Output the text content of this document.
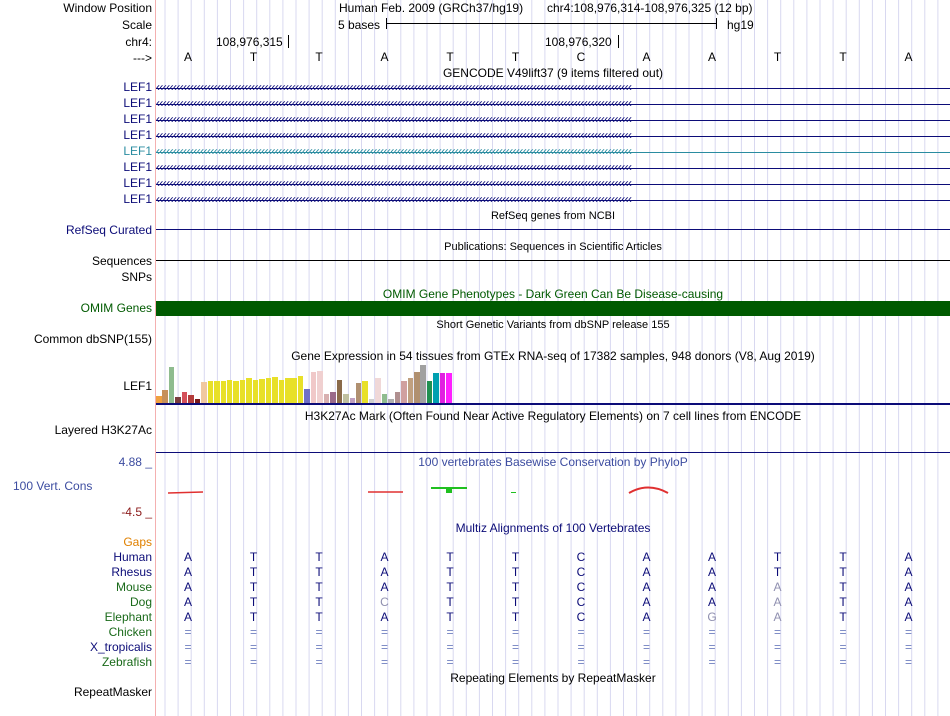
Window Position
Scale
chr4:
--->
Human Feb. 2009 (GRCh37/hg19) chr4:108,976,314-108,976,325 (12 bp)
5 bases	hg19
108,976,315	108,976,320
A	T	T	A	T	T	C	A	A	T	T	A
GENCODE V49lift37 (9 items filtered out)
LEF1 ‹‹‹‹‹‹‹‹‹‹‹‹‹‹‹‹‹‹‹‹‹‹‹‹‹‹‹‹‹‹‹‹‹‹‹‹‹‹‹‹‹‹‹‹‹‹‹‹‹‹‹‹‹‹‹‹‹‹‹‹‹‹‹‹‹‹‹‹‹‹‹‹‹‹‹‹‹‹‹‹‹‹‹‹‹‹‹‹‹‹‹‹‹‹‹‹‹‹‹‹‹‹‹‹‹‹‹‹‹‹‹‹‹‹‹‹‹‹‹‹‹‹‹‹‹‹‹‹‹‹‹‹‹‹‹‹‹‹‹‹
LEF1 ‹‹‹‹‹‹‹‹‹‹‹‹‹‹‹‹‹‹‹‹‹‹‹‹‹‹‹‹‹‹‹‹‹‹‹‹‹‹‹‹‹‹‹‹‹‹‹‹‹‹‹‹‹‹‹‹‹‹‹‹‹‹‹‹‹‹‹‹‹‹‹‹‹‹‹‹‹‹‹‹‹‹‹‹‹‹‹‹‹‹‹‹‹‹‹‹‹‹‹‹‹‹‹‹‹‹‹‹‹‹‹‹‹‹‹‹‹‹‹‹‹‹‹‹‹‹‹‹‹‹‹‹‹‹‹‹‹‹‹‹
LEF1 ‹‹‹‹‹‹‹‹‹‹‹‹‹‹‹‹‹‹‹‹‹‹‹‹‹‹‹‹‹‹‹‹‹‹‹‹‹‹‹‹‹‹‹‹‹‹‹‹‹‹‹‹‹‹‹‹‹‹‹‹‹‹‹‹‹‹‹‹‹‹‹‹‹‹‹‹‹‹‹‹‹‹‹‹‹‹‹‹‹‹‹‹‹‹‹‹‹‹‹‹‹‹‹‹‹‹‹‹‹‹‹‹‹‹‹‹‹‹‹‹‹‹‹‹‹‹‹‹‹‹‹‹‹‹‹‹‹‹‹‹
LEF1 ‹‹‹‹‹‹‹‹‹‹‹‹‹‹‹‹‹‹‹‹‹‹‹‹‹‹‹‹‹‹‹‹‹‹‹‹‹‹‹‹‹‹‹‹‹‹‹‹‹‹‹‹‹‹‹‹‹‹‹‹‹‹‹‹‹‹‹‹‹‹‹‹‹‹‹‹‹‹‹‹‹‹‹‹‹‹‹‹‹‹‹‹‹‹‹‹‹‹‹‹‹‹‹‹‹‹‹‹‹‹‹‹‹‹‹‹‹‹‹‹‹‹‹‹‹‹‹‹‹‹‹‹‹‹‹‹‹‹‹‹
LEF1 ‹‹‹‹‹‹‹‹‹‹‹‹‹‹‹‹‹‹‹‹‹‹‹‹‹‹‹‹‹‹‹‹‹‹‹‹‹‹‹‹‹‹‹‹‹‹‹‹‹‹‹‹‹‹‹‹‹‹‹‹‹‹‹‹‹‹‹‹‹‹‹‹‹‹‹‹‹‹‹‹‹‹‹‹‹‹‹‹‹‹‹‹‹‹‹‹‹‹‹‹‹‹‹‹‹‹‹‹‹‹‹‹‹‹‹‹‹‹‹‹‹‹‹‹‹‹‹‹‹‹‹‹‹‹‹‹‹‹‹‹
LEF1 ‹‹‹‹‹‹‹‹‹‹‹‹‹‹‹‹‹‹‹‹‹‹‹‹‹‹‹‹‹‹‹‹‹‹‹‹‹‹‹‹‹‹‹‹‹‹‹‹‹‹‹‹‹‹‹‹‹‹‹‹‹‹‹‹‹‹‹‹‹‹‹‹‹‹‹‹‹‹‹‹‹‹‹‹‹‹‹‹‹‹‹‹‹‹‹‹‹‹‹‹‹‹‹‹‹‹‹‹‹‹‹‹‹‹‹‹‹‹‹‹‹‹‹‹‹‹‹‹‹‹‹‹‹‹‹‹‹‹‹‹
LEF1 ‹‹‹‹‹‹‹‹‹‹‹‹‹‹‹‹‹‹‹‹‹‹‹‹‹‹‹‹‹‹‹‹‹‹‹‹‹‹‹‹‹‹‹‹‹‹‹‹‹‹‹‹‹‹‹‹‹‹‹‹‹‹‹‹‹‹‹‹‹‹‹‹‹‹‹‹‹‹‹‹‹‹‹‹‹‹‹‹‹‹‹‹‹‹‹‹‹‹‹‹‹‹‹‹‹‹‹‹‹‹‹‹‹‹‹‹‹‹‹‹‹‹‹‹‹‹‹‹‹‹‹‹‹‹‹‹‹‹‹‹
LEF1 ‹‹‹‹‹‹‹‹‹‹‹‹‹‹‹‹‹‹‹‹‹‹‹‹‹‹‹‹‹‹‹‹‹‹‹‹‹‹‹‹‹‹‹‹‹‹‹‹‹‹‹‹‹‹‹‹‹‹‹‹‹‹‹‹‹‹‹‹‹‹‹‹‹‹‹‹‹‹‹‹‹‹‹‹‹‹‹‹‹‹‹‹‹‹‹‹‹‹‹‹‹‹‹‹‹‹‹‹‹‹‹‹‹‹‹‹‹‹‹‹‹‹‹‹‹‹‹‹‹‹‹‹‹‹‹‹‹‹‹‹
RefSeq genes from NCBI
RefSeq Curated
Publications: Sequences in Scientific Articles
Sequences
SNPs
OMIM Gene Phenotypes - Dark Green Can Be Disease-causing
OMIM Genes
Short Genetic Variants from dbSNP release 155
Common dbSNP(155)
Gene Expression in 54 tissues from GTEx RNA-seq of 17382 samples, 948 donors (V8, Aug 2019)
LEF1
H3K27Ac Mark (Often Found Near Active Regulatory Elements) on 7 cell lines from ENCODE
Layered H3K27Ac
4.88 _	100 vertebrates Basewise Conservation by PhyloP
100 Vert. Cons
-4.5 _
Multiz Alignments of 100 Vertebrates
Gaps
Human	A	T	T	A	T	T	C	A	A	T	T	A
Rhesus	A	T	T	A	T	T	C	A	A	T	T	A
Mouse	A	T	T	A	T	T	C	A	A	A	T	A
Dog	A	T	T	C	T	T	C	A	A	A	T	A
Elephant	A	T	T	A	T	T	C	A	G	A	T	A
Chicken	=	=	=	=	=	=	=	=	=	=	=	=
X_tropicalis	=	=	=	=	=	=	=	=	=	=	=	=
Zebrafish	=	=	=	=	=	=	=	=	=	=	=	=
Repeating Elements by RepeatMasker
RepeatMasker
